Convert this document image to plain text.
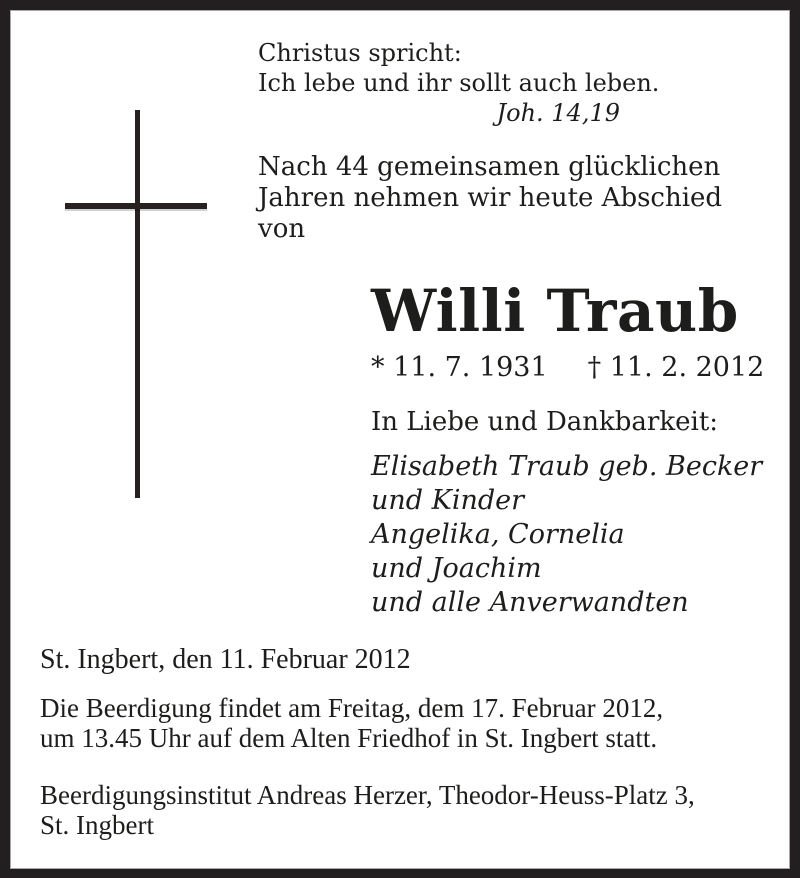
Christus spricht:
Ich lebe und ihr sollt auch leben.
Joh. 14,19
Nach 44 gemeinsamen glücklichen
Jahren nehmen wir heute Abschied
von
Willi Traub
* 11. 7. 1931 † 11. 2. 2012
In Liebe und Dankbarkeit:
Elisabeth Traub geb. Becker
und Kinder
Angelika, Cornelia
und Joachim
und alle Anverwandten
St. Ingbert, den 11. Februar 2012
Die Beerdigung findet am Freitag, dem 17. Februar 2012,
um 13.45 Uhr auf dem Alten Friedhof in St. Ingbert statt.
Beerdigungsinstitut Andreas Herzer, Theodor-Heuss-Platz 3,
St. Ingbert
